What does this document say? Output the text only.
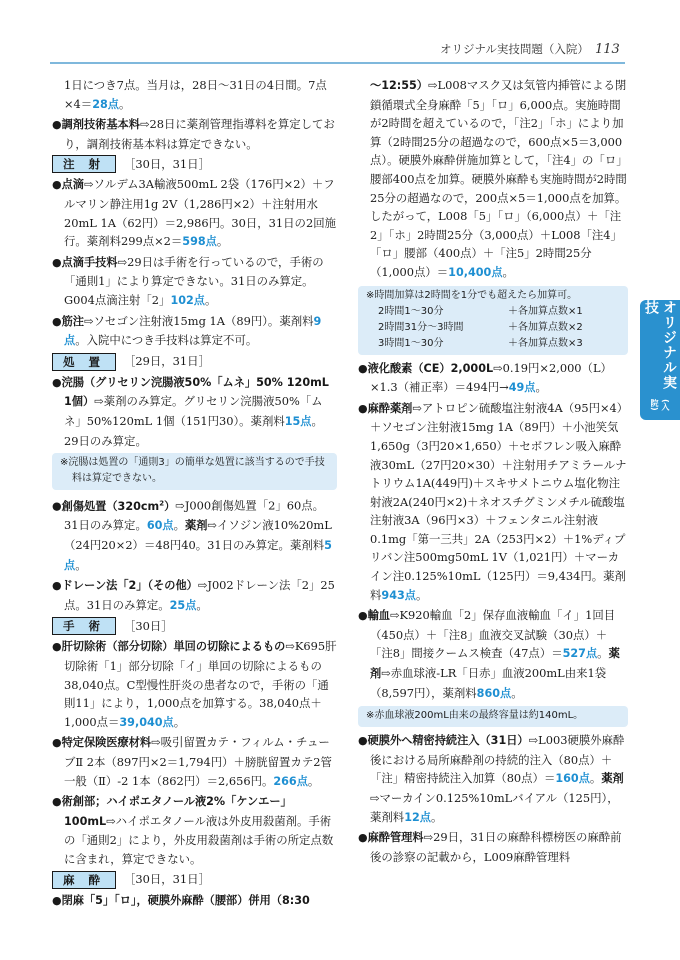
オリジナル実技問題（入院） 113
オリジナル実技
(入院)
1日につき7点。当月は，28日～31日の4日間。7点×4＝28点。
●調剤技術基本料⇨28日に薬剤管理指導料を算定しており，調剤技術基本料は算定できない。
注 射	［30日，31日］
●点滴⇨ソルデム3A輸液500mL 2袋（176円×2）＋フルマリン静注用1g 2V（1,286円×2）＋注射用水20mL 1A（62円）＝2,986円。30日，31日の2回施行。薬剤料299点×2＝598点。
●点滴手技料⇨29日は手術を行っているので，手術の「通則1」により算定できない。31日のみ算定。G004点滴注射「2」102点。
●筋注⇨ソセゴン注射液15mg 1A（89円）。薬剤料9点。入院中につき手技料は算定不可。
処 置	［29日，31日］
●浣腸（グリセリン浣腸液50%「ムネ」50% 120mL 1個）⇨薬剤のみ算定。グリセリン浣腸液50%「ムネ」50%120mL 1個（151円30）。薬剤料15点。29日のみ算定。
※浣腸は処置の「通則3」の簡単な処置に該当するので手技料は算定できない。
●創傷処置$(320cm^2)⇨J000$創傷処置「2」60点。31日のみ算定。60点。薬剤⇨イソジン液10%20mL（24円20×2）＝48円40。31日のみ算定。薬剤料5点。
●ドレーン法「2」（その他）⇨J002ドレーン法「2」25点。31日のみ算定。25点。
手 術	［30日］
●肝切除術（部分切除）単回の切除によるもの⇨K695肝切除術「1」部分切除「イ」単回の切除によるもの38,040点。C型慢性肝炎の患者なので，手術の「通則11」により，1,000点を加算する。38,040点＋1,000点＝39,040点。
●特定保険医療材料⇨吸引留置カテ・フィルム・チューブⅡ 2本（897円×2＝1,794円）＋膀胱留置カテ2管一般（Ⅱ）-2 1本（862円）＝2,656円。266点。
●術創部；ハイポエタノール液2%「ケンエー」100mL⇨ハイポエタノール液は外皮用殺菌剤。手術の「通則2」により，外皮用殺菌剤は手術の所定点数に含まれ，算定できない。
麻 酔	［30日，31日］
●閉麻「5」「ロ」，硬膜外麻酔（腰部）併用（8:30
～12:55）⇨L008マスク又は気管内挿管による閉鎖循環式全身麻酔「5」「ロ」6,000点。実施時間が2時間を超えているので，「注2」「ホ」により加算（2時間25分の超過なので，600点×5＝3,000点）。硬膜外麻酔併施加算として，「注4」の「ロ」腰部400点を加算。硬膜外麻酔も実施時間が2時間25分の超過なので，200点×5＝1,000点を加算。したがって，L008「5」「ロ」（6,000点）＋「注2」「ホ」2時間25分（3,000点）＋L008「注4」「ロ」腰部（400点）＋「注5」2時間25分（1,000点）＝10,400点。
※時間加算は2時間を1分でも超えたら加算可。
2時間1～30分	＋各加算点数×1
2時間31分～3時間	＋各加算点数×2
3時間1～30分	＋各加算点数×3
●液化酸素（CE）2,000L⇨0.19円×2,000（L）×1.3（補正率）＝494円→49点。
●麻酔薬剤⇨アトロピン硫酸塩注射液4A（95円×4）＋ソセゴン注射液15mg 1A（89円）＋小池笑気1,650g（3円20×1,650）＋セボフレン吸入麻酔液30mL（27円20×30）＋注射用チアミラールナトリウム1A(449円)＋スキサメトニウム塩化物注射液2A(240円×2)＋ネオスチグミンメチル硫酸塩注射液3A（96円×3）＋フェンタニル注射液0.1mg「第一三共」2A（253円×2）＋1%ディプリバン注500mg50mL 1V（1,021円）＋マーカイン注0.125%10mL（125円）＝9,434円。薬剤料943点。
●輸血⇨K920輸血「2」保存血液輸血「イ」1回目（450点）＋「注8」血液交叉試験（30点）＋「注8」間接クームス検査（47点）＝527点。薬剤⇨赤血球液-LR「日赤」血液200mL由来1袋（8,597円），薬剤料860点。
※赤血球液200mL由来の最終容量は約140mL。
●硬膜外へ精密持続注入（31日）⇨L003硬膜外麻酔後における局所麻酔剤の持続的注入（80点）＋「注」精密持続注入加算（80点）＝160点。薬剤⇨マーカイン0.125%10mLバイアル（125円），薬剤料12点。
●麻酔管理料⇨29日，31日の麻酔科標榜医の麻酔前後の診察の記載から，L009麻酔管理料
